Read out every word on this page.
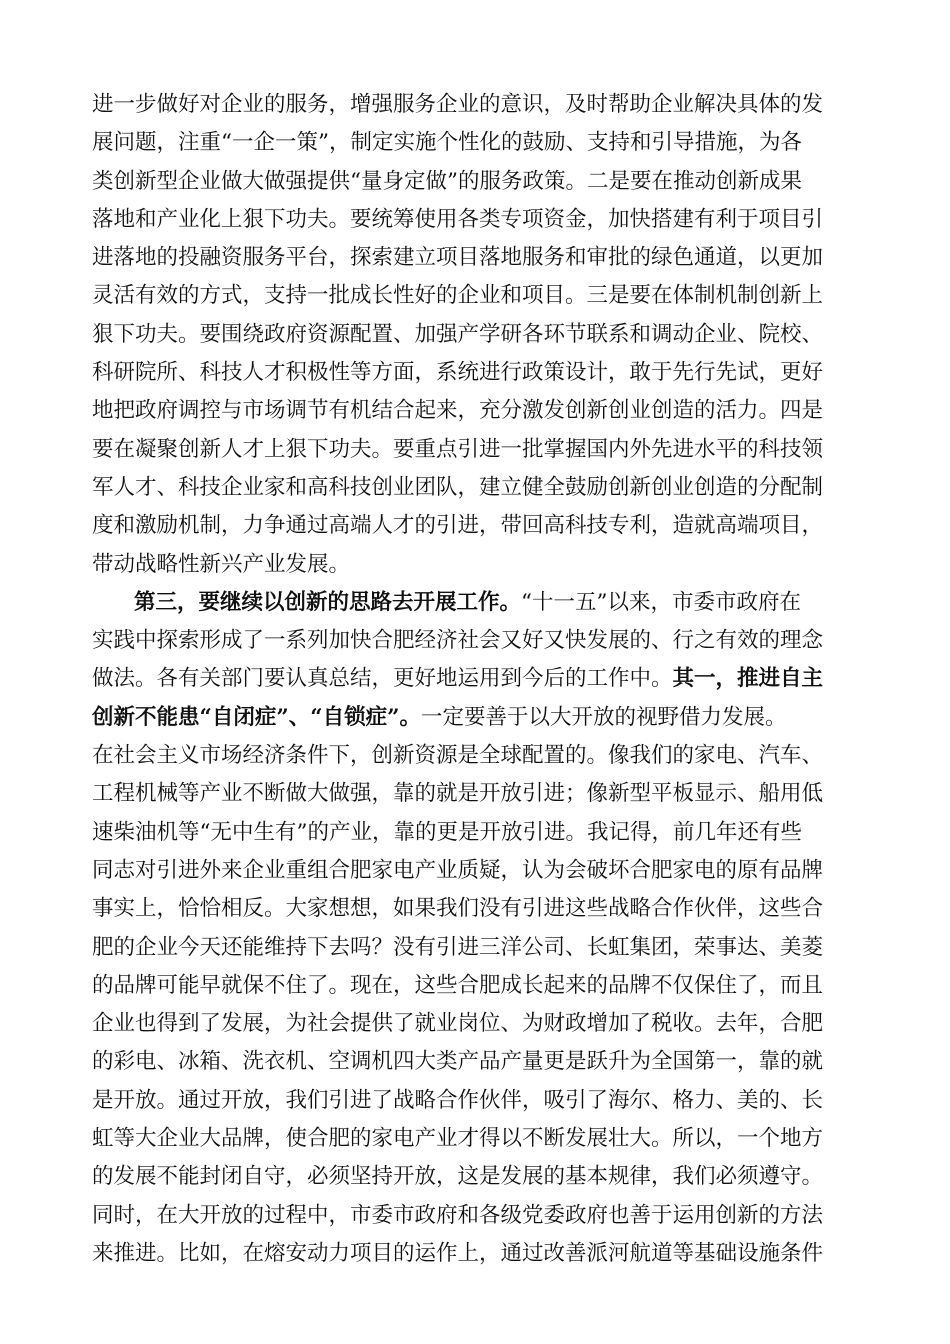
进一步做好对企业的服务，增强服务企业的意识，及时帮助企业解决具体的发
展问题，注重“一企一策”，制定实施个性化的鼓励、支持和引导措施，为各
类创新型企业做大做强提供“量身定做”的服务政策。二是要在推动创新成果
落地和产业化上狠下功夫。要统筹使用各类专项资金，加快搭建有利于项目引
进落地的投融资服务平台，探索建立项目落地服务和审批的绿色通道，以更加
灵活有效的方式，支持一批成长性好的企业和项目。三是要在体制机制创新上
狠下功夫。要围绕政府资源配置、加强产学研各环节联系和调动企业、院校、
科研院所、科技人才积极性等方面，系统进行政策设计，敢于先行先试，更好
地把政府调控与市场调节有机结合起来，充分激发创新创业创造的活力。四是
要在凝聚创新人才上狠下功夫。要重点引进一批掌握国内外先进水平的科技领
军人才、科技企业家和高科技创业团队，建立健全鼓励创新创业创造的分配制
度和激励机制，力争通过高端人才的引进，带回高科技专利，造就高端项目，
带动战略性新兴产业发展。
第三，要继续以创新的思路去开展工作。“十一五”以来，市委市政府在
实践中探索形成了一系列加快合肥经济社会又好又快发展的、行之有效的理念
做法。各有关部门要认真总结，更好地运用到今后的工作中。其一，推进自主
创新不能患“自闭症”、“自锁症”。一定要善于以大开放的视野借力发展。
在社会主义市场经济条件下，创新资源是全球配置的。像我们的家电、汽车、
工程机械等产业不断做大做强，靠的就是开放引进；像新型平板显示、船用低
速柴油机等“无中生有”的产业，靠的更是开放引进。我记得，前几年还有些
同志对引进外来企业重组合肥家电产业质疑，认为会破坏合肥家电的原有品牌
事实上，恰恰相反。大家想想，如果我们没有引进这些战略合作伙伴，这些合
肥的企业今天还能维持下去吗？没有引进三洋公司、长虹集团，荣事达、美菱
的品牌可能早就保不住了。现在，这些合肥成长起来的品牌不仅保住了，而且
企业也得到了发展，为社会提供了就业岗位、为财政增加了税收。去年，合肥
的彩电、冰箱、洗衣机、空调机四大类产品产量更是跃升为全国第一，靠的就
是开放。通过开放，我们引进了战略合作伙伴，吸引了海尔、格力、美的、长
虹等大企业大品牌，使合肥的家电产业才得以不断发展壮大。所以，一个地方
的发展不能封闭自守，必须坚持开放，这是发展的基本规律，我们必须遵守。
同时，在大开放的过程中，市委市政府和各级党委政府也善于运用创新的方法
来推进。比如，在熔安动力项目的运作上，通过改善派河航道等基础设施条件
